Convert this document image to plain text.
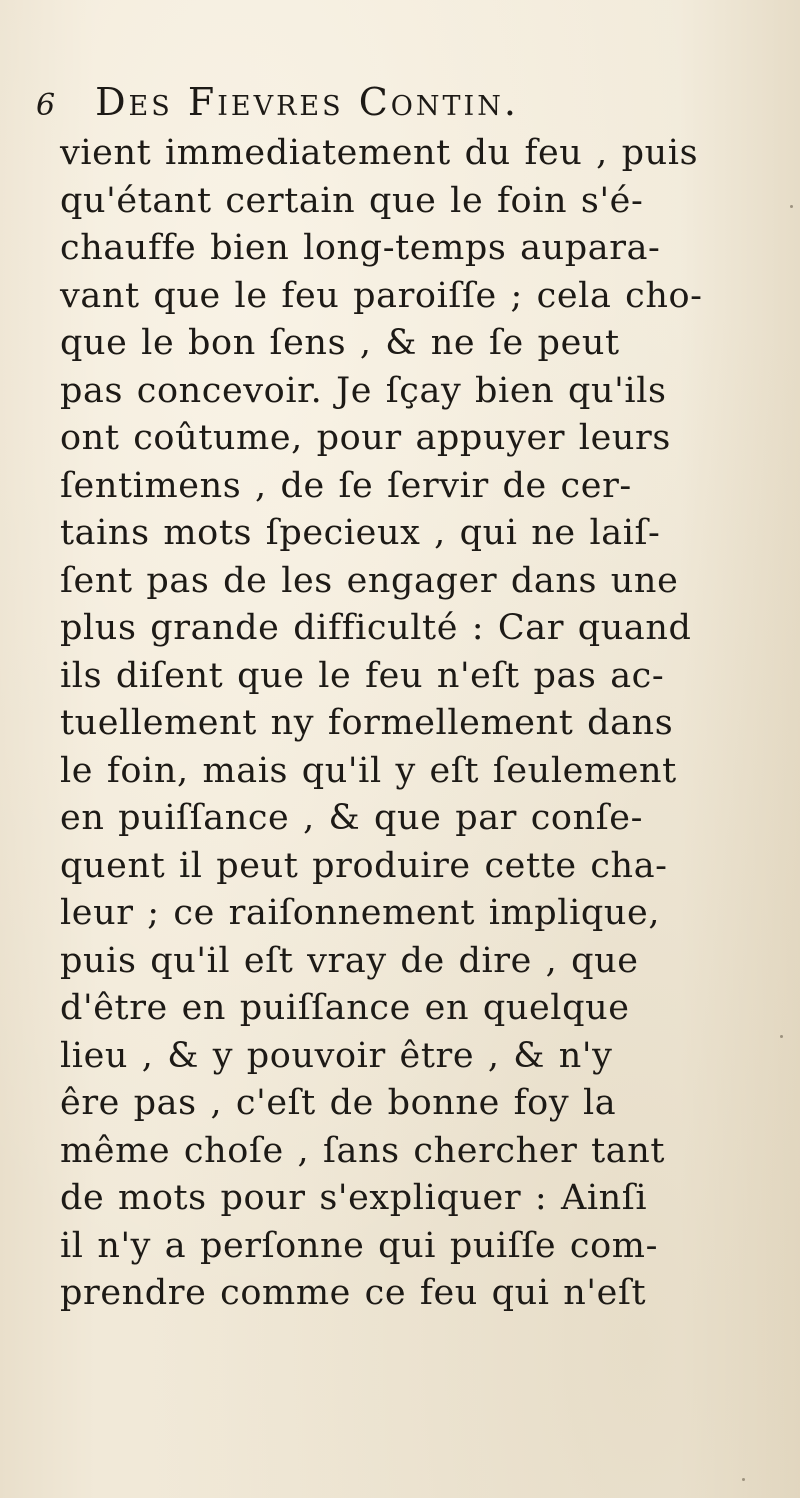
6 Des Fievres Contin.
vient immediatement du feu , puis
qu'étant certain que le foin s'é-
chauffe bien long-temps aupara-
vant que le feu paroiſſe ; cela cho-
que le bon ſens , & ne ſe peut
pas concevoir. Je ſçay bien qu'ils
ont coûtume, pour appuyer leurs
ſentimens , de ſe ſervir de cer-
tains mots ſpecieux , qui ne laiſ-
ſent pas de les engager dans une
plus grande difficulté : Car quand
ils diſent que le feu n'eſt pas ac-
tuellement ny formellement dans
le foin, mais qu'il y eſt ſeulement
en puiſſance , & que par conſe-
quent il peut produire cette cha-
leur ; ce raiſonnement implique,
puis qu'il eſt vray de dire , que
d'être en puiſſance en quelque
lieu , & y pouvoir être , & n'y
êre pas , c'eſt de bonne foy la
même choſe , ſans chercher tant
de mots pour s'expliquer : Ainſi
il n'y a perſonne qui puiſſe com-
prendre comme ce feu qui n'eſt
